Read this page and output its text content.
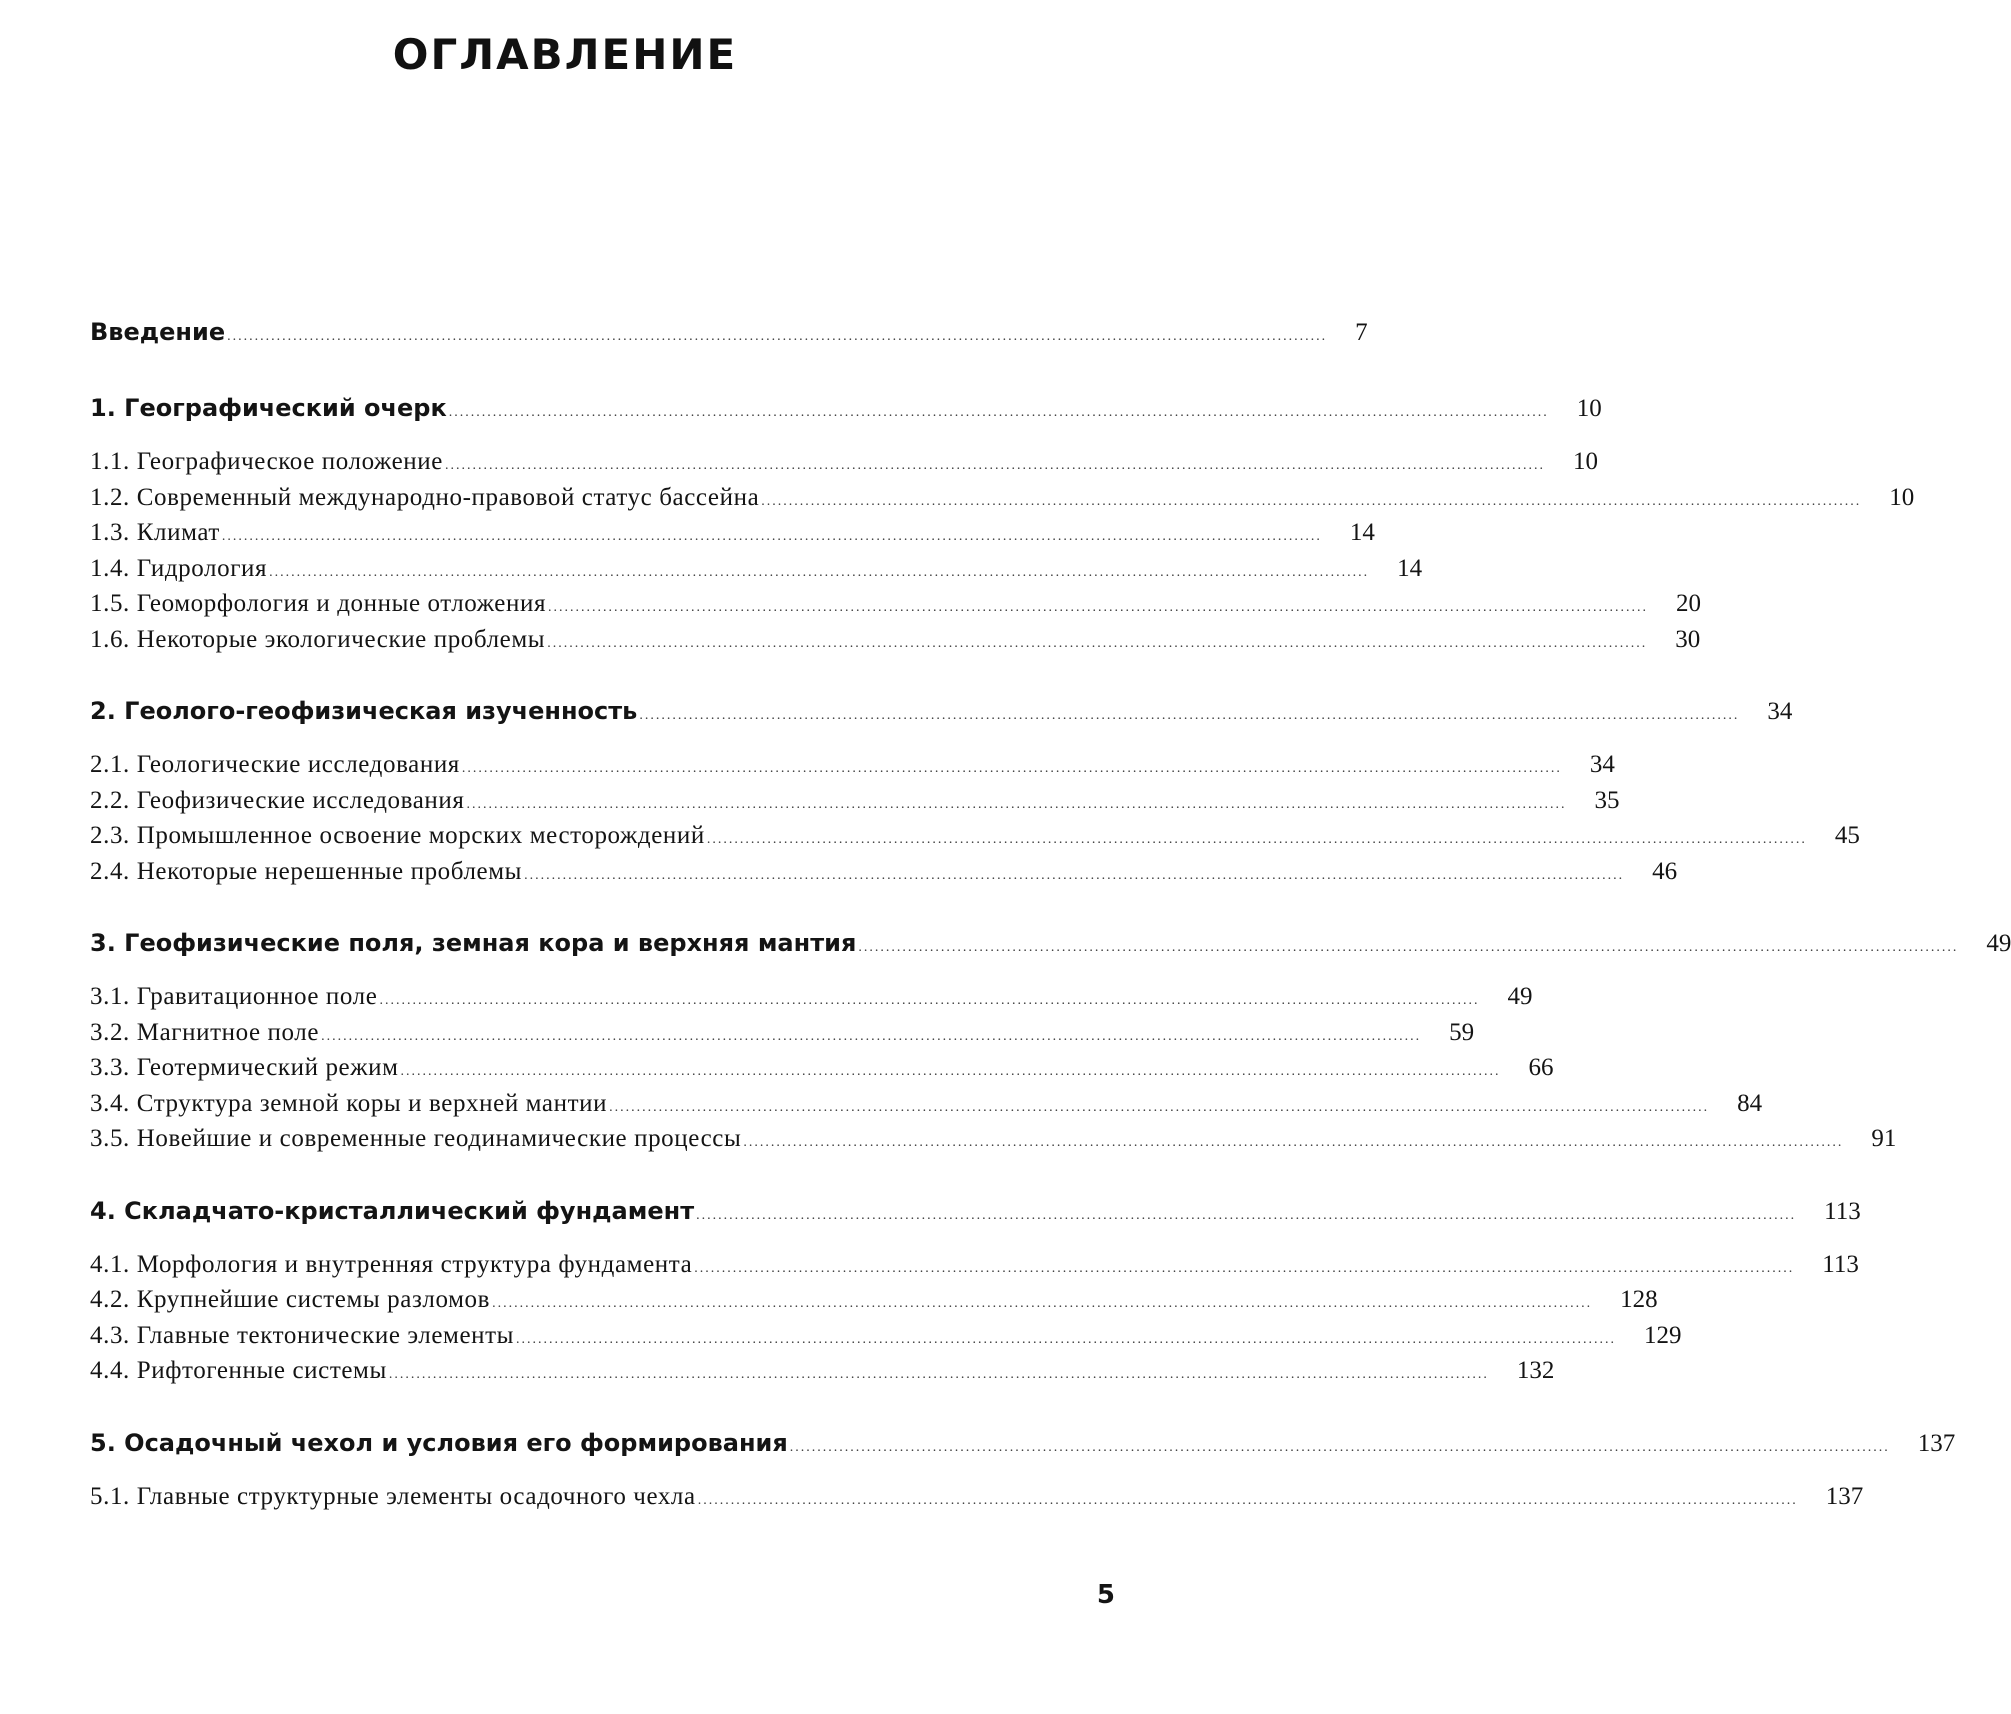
ОГЛАВЛЕНИЕ
Введение ........................................................................................................................................................................................................ 7
1. Географический очерк ........................................................................................................................................................................................................ 10
1.1. Географическое положение ........................................................................................................................................................................................................ 10
1.2. Современный международно-правовой статус бассейна ........................................................................................................................................................................................................ 10
1.3. Климат ........................................................................................................................................................................................................ 14
1.4. Гидрология ........................................................................................................................................................................................................ 14
1.5. Геоморфология и донные отложения ........................................................................................................................................................................................................ 20
1.6. Некоторые экологические проблемы ........................................................................................................................................................................................................ 30
2. Геолого-геофизическая изученность ........................................................................................................................................................................................................ 34
2.1. Геологические исследования ........................................................................................................................................................................................................ 34
2.2. Геофизические исследования ........................................................................................................................................................................................................ 35
2.3. Промышленное освоение морских месторождений ........................................................................................................................................................................................................ 45
2.4. Некоторые нерешенные проблемы ........................................................................................................................................................................................................ 46
3. Геофизические поля, земная кора и верхняя мантия ........................................................................................................................................................................................................ 49
3.1. Гравитационное поле ........................................................................................................................................................................................................ 49
3.2. Магнитное поле ........................................................................................................................................................................................................ 59
3.3. Геотермический режим ........................................................................................................................................................................................................ 66
3.4. Структура земной коры и верхней мантии ........................................................................................................................................................................................................ 84
3.5. Новейшие и современные геодинамические процессы ........................................................................................................................................................................................................ 91
4. Складчато-кристаллический фундамент ........................................................................................................................................................................................................ 113
4.1. Морфология и внутренняя структура фундамента ........................................................................................................................................................................................................ 113
4.2. Крупнейшие системы разломов ........................................................................................................................................................................................................ 128
4.3. Главные тектонические элементы ........................................................................................................................................................................................................ 129
4.4. Рифтогенные системы ........................................................................................................................................................................................................ 132
5. Осадочный чехол и условия его формирования ........................................................................................................................................................................................................ 137
5.1. Главные структурные элементы осадочного чехла ........................................................................................................................................................................................................ 137
5
